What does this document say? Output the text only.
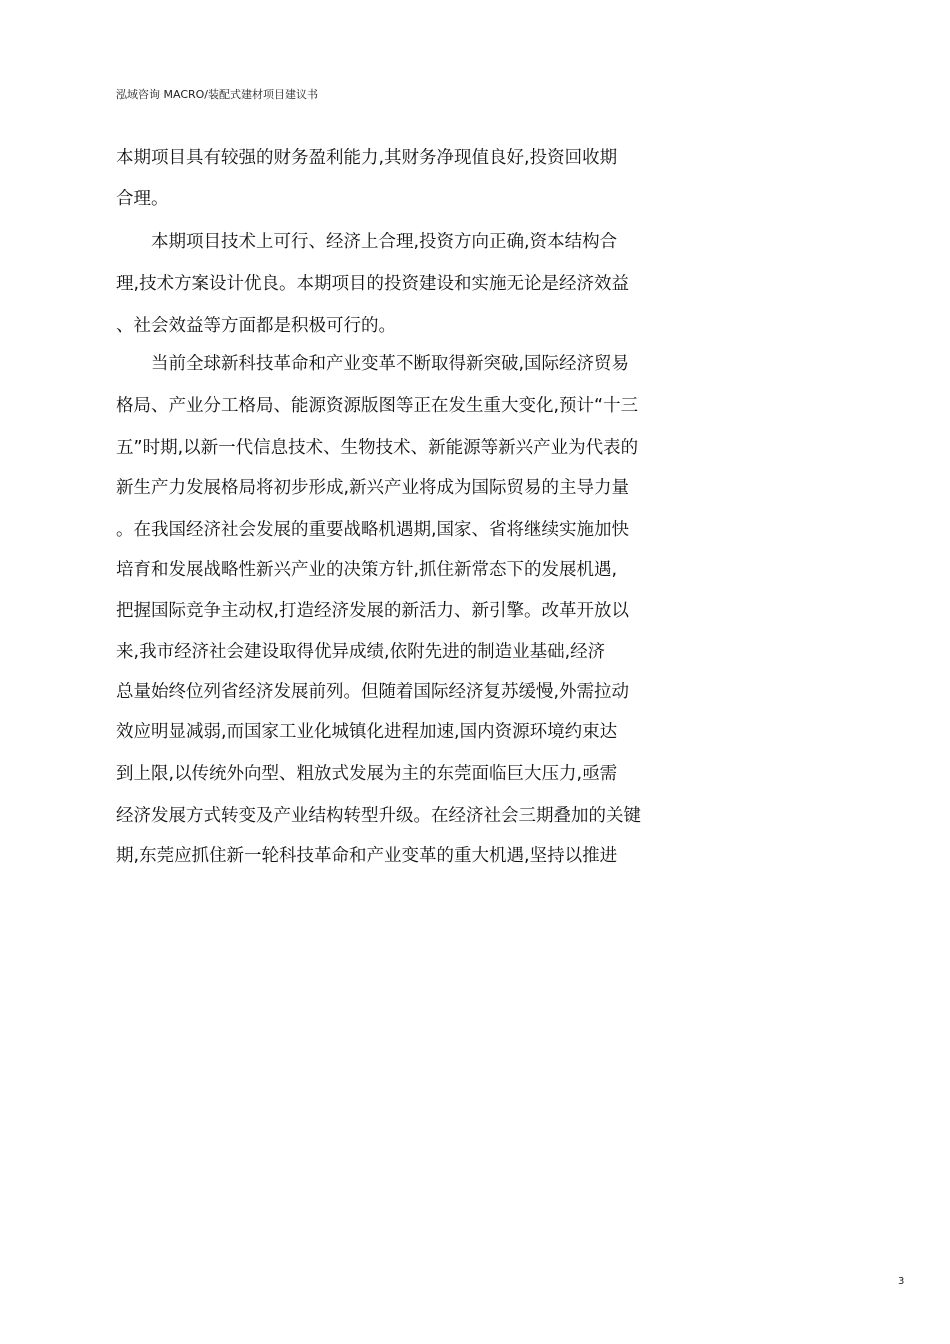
泓域咨询 MACRO/装配式建材项目建议书
本期项目具有较强的财务盈利能力,其财务净现值良好,投资回收期
合理。
　　本期项目技术上可行、经济上合理,投资方向正确,资本结构合
理,技术方案设计优良。本期项目的投资建设和实施无论是经济效益
、社会效益等方面都是积极可行的。
　　当前全球新科技革命和产业变革不断取得新突破,国际经济贸易
格局、产业分工格局、能源资源版图等正在发生重大变化,预计“十三
五”时期,以新一代信息技术、生物技术、新能源等新兴产业为代表的
新生产力发展格局将初步形成,新兴产业将成为国际贸易的主导力量
。在我国经济社会发展的重要战略机遇期,国家、省将继续实施加快
培育和发展战略性新兴产业的决策方针,抓住新常态下的发展机遇,
把握国际竞争主动权,打造经济发展的新活力、新引擎。改革开放以
来,我市经济社会建设取得优异成绩,依附先进的制造业基础,经济
总量始终位列省经济发展前列。但随着国际经济复苏缓慢,外需拉动
效应明显减弱,而国家工业化城镇化进程加速,国内资源环境约束达
到上限,以传统外向型、粗放式发展为主的东莞面临巨大压力,亟需
经济发展方式转变及产业结构转型升级。在经济社会三期叠加的关键
期,东莞应抓住新一轮科技革命和产业变革的重大机遇,坚持以推进
3
